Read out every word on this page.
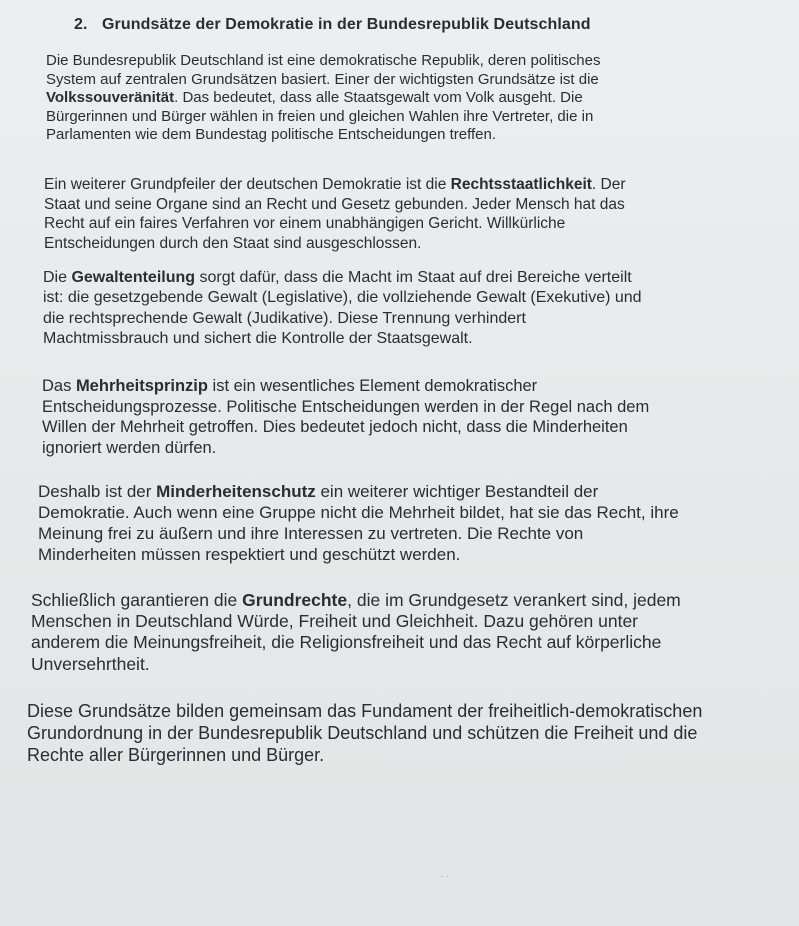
2. Grundsätze der Demokratie in der Bundesrepublik Deutschland

Die Bundesrepublik Deutschland ist eine demokratische Republik, deren politisches
System auf zentralen Grundsätzen basiert. Einer der wichtigsten Grundsätze ist die
Volkssouveränität. Das bedeutet, dass alle Staatsgewalt vom Volk ausgeht. Die
Bürgerinnen und Bürger wählen in freien und gleichen Wahlen ihre Vertreter, die in
Parlamenten wie dem Bundestag politische Entscheidungen treffen.

Ein weiterer Grundpfeiler der deutschen Demokratie ist die Rechtsstaatlichkeit. Der
Staat und seine Organe sind an Recht und Gesetz gebunden. Jeder Mensch hat das
Recht auf ein faires Verfahren vor einem unabhängigen Gericht. Willkürliche
Entscheidungen durch den Staat sind ausgeschlossen.

Die Gewaltenteilung sorgt dafür, dass die Macht im Staat auf drei Bereiche verteilt
ist: die gesetzgebende Gewalt (Legislative), die vollziehende Gewalt (Exekutive) und
die rechtsprechende Gewalt (Judikative). Diese Trennung verhindert
Machtmissbrauch und sichert die Kontrolle der Staatsgewalt.

Das Mehrheitsprinzip ist ein wesentliches Element demokratischer
Entscheidungsprozesse. Politische Entscheidungen werden in der Regel nach dem
Willen der Mehrheit getroffen. Dies bedeutet jedoch nicht, dass die Minderheiten
ignoriert werden dürfen.

Deshalb ist der Minderheitenschutz ein weiterer wichtiger Bestandteil der
Demokratie. Auch wenn eine Gruppe nicht die Mehrheit bildet, hat sie das Recht, ihre
Meinung frei zu äußern und ihre Interessen zu vertreten. Die Rechte von
Minderheiten müssen respektiert und geschützt werden.

Schließlich garantieren die Grundrechte, die im Grundgesetz verankert sind, jedem
Menschen in Deutschland Würde, Freiheit und Gleichheit. Dazu gehören unter
anderem die Meinungsfreiheit, die Religionsfreiheit und das Recht auf körperliche
Unversehrtheit.

Diese Grundsätze bilden gemeinsam das Fundament der freiheitlich-demokratischen
Grundordnung in der Bundesrepublik Deutschland und schützen die Freiheit und die
Rechte aller Bürgerinnen und Bürger.

˙ ˙
